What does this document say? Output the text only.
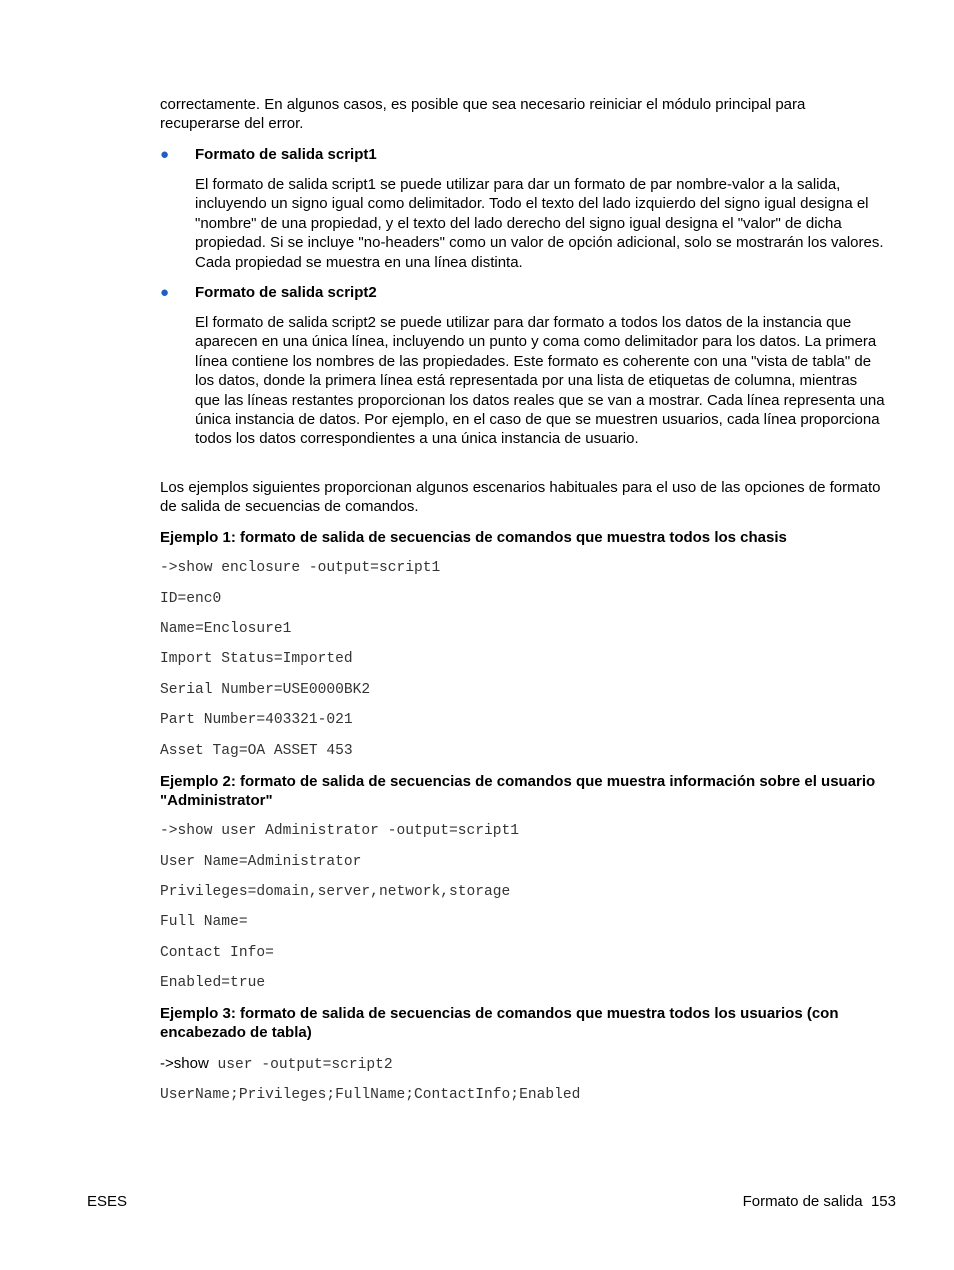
correctamente. En algunos casos, es posible que sea necesario reiniciar el módulo principal para recuperarse del error.

● Formato de salida script1

El formato de salida script1 se puede utilizar para dar un formato de par nombre-valor a la salida, incluyendo un signo igual como delimitador. Todo el texto del lado izquierdo del signo igual designa el "nombre" de una propiedad, y el texto del lado derecho del signo igual designa el "valor" de dicha propiedad. Si se incluye "no-headers" como un valor de opción adicional, solo se mostrarán los valores. Cada propiedad se muestra en una línea distinta.

● Formato de salida script2

El formato de salida script2 se puede utilizar para dar formato a todos los datos de la instancia que aparecen en una única línea, incluyendo un punto y coma como delimitador para los datos. La primera línea contiene los nombres de las propiedades. Este formato es coherente con una "vista de tabla" de los datos, donde la primera línea está representada por una lista de etiquetas de columna, mientras que las líneas restantes proporcionan los datos reales que se van a mostrar. Cada línea representa una única instancia de datos. Por ejemplo, en el caso de que se muestren usuarios, cada línea proporciona todos los datos correspondientes a una única instancia de usuario.

Los ejemplos siguientes proporcionan algunos escenarios habituales para el uso de las opciones de formato de salida de secuencias de comandos.

Ejemplo 1: formato de salida de secuencias de comandos que muestra todos los chasis

->show enclosure -output=script1

ID=enc0

Name=Enclosure1

Import Status=Imported

Serial Number=USE0000BK2

Part Number=403321-021

Asset Tag=OA ASSET 453

Ejemplo 2: formato de salida de secuencias de comandos que muestra información sobre el usuario "Administrator"

->show user Administrator -output=script1

User Name=Administrator

Privileges=domain,server,network,storage

Full Name=

Contact Info=

Enabled=true

Ejemplo 3: formato de salida de secuencias de comandos que muestra todos los usuarios (con encabezado de tabla)

->show user -output=script2

UserName;Privileges;FullName;ContactInfo;Enabled

ESES	Formato de salida 153
